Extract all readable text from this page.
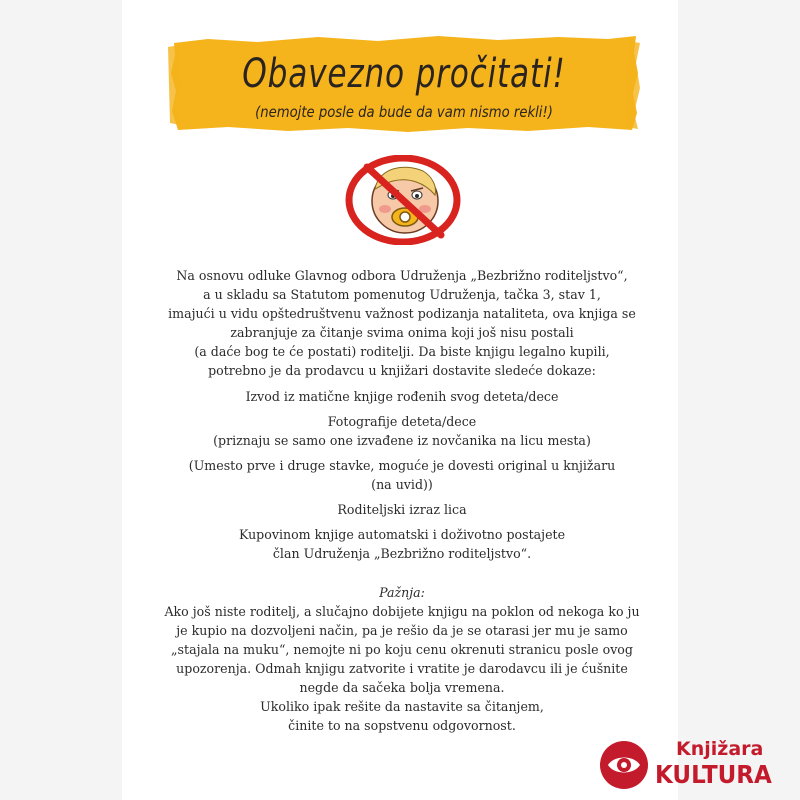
Obavezno pročitati!
(nemojte posle da bude da vam nismo rekli!)

Na osnovu odluke Glavnog odbora Udruženja „Bezbrižno roditeljstvo“,
a u skladu sa Statutom pomenutog Udruženja, tačka 3, stav 1,
imajući u vidu opštedruštvenu važnost podizanja nataliteta, ova knjiga se
zabranjuje za čitanje svima onima koji još nisu postali
(a daće bog te će postati) roditelji. Da biste knjigu legalno kupili,
potrebno je da prodavcu u knjižari dostavite sledeće dokaze:

Izvod iz matične knjige rođenih svog deteta/dece

Fotografije deteta/dece
(priznaju se samo one izvađene iz novčanika na licu mesta)

(Umesto prve i druge stavke, moguće je dovesti original u knjižaru
(na uvid))

Roditeljski izraz lica

Kupovinom knjige automatski i doživotno postajete
član Udruženja „Bezbrižno roditeljstvo“.

Pažnja:

Ako još niste roditelj, a slučajno dobijete knjigu na poklon od nekoga ko ju
je kupio na dozvoljeni način, pa je rešio da je se otarasi jer mu je samo
„stajala na muku“, nemojte ni po koju cenu okrenuti stranicu posle ovog
upozorenja. Odmah knjigu zatvorite i vratite je darodavcu ili je ćušnite
negde da sačeka bolja vremena.
Ukoliko ipak rešite da nastavite sa čitanjem,
činite to na sopstvenu odgovornost.

Knjižara
KULTURA
